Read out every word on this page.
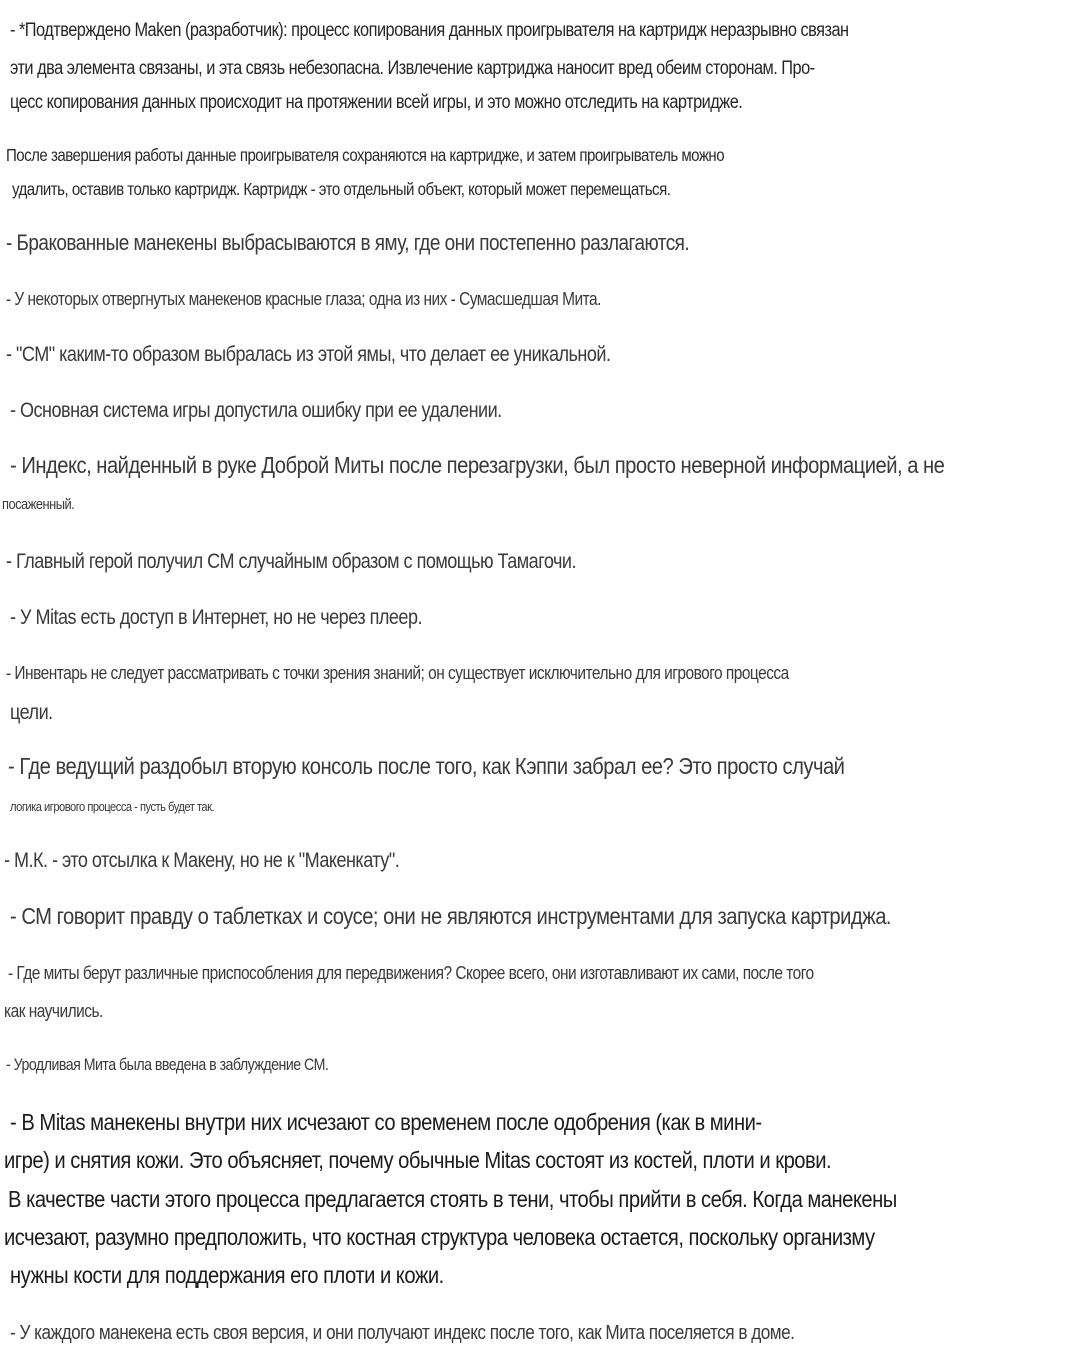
- *Подтверждено Maken (разработчик): процесс копирования данных проигрывателя на картридж неразрывно связан
эти два элемента связаны, и эта связь небезопасна. Извлечение картриджа наносит вред обеим сторонам. Про-
цесс копирования данных происходит на протяжении всей игры, и это можно отследить на картридже.
После завершения работы данные проигрывателя сохраняются на картридже, и затем проигрыватель можно
удалить, оставив только картридж. Картридж - это отдельный объект, который может перемещаться.
- Бракованные манекены выбрасываются в яму, где они постепенно разлагаются.
- У некоторых отвергнутых манекенов красные глаза; одна из них - Сумасшедшая Мита.
- "СМ" каким-то образом выбралась из этой ямы, что делает ее уникальной.
- Основная система игры допустила ошибку при ее удалении.
- Индекс, найденный в руке Доброй Миты после перезагрузки, был просто неверной информацией, а не
посаженный.
- Главный герой получил СМ случайным образом с помощью Тамагочи.
- У Mitas есть доступ в Интернет, но не через плеер.
- Инвентарь не следует рассматривать с точки зрения знаний; он существует исключительно для игрового процесса
цели.
- Где ведущий раздобыл вторую консоль после того, как Кэппи забрал ее? Это просто случай
логика игрового процесса - пусть будет так.
- М.К. - это отсылка к Макену, но не к "Макенкату".
- СМ говорит правду о таблетках и соусе; они не являются инструментами для запуска картриджа.
- Где миты берут различные приспособления для передвижения? Скорее всего, они изготавливают их сами, после того
как научились.
- Уродливая Мита была введена в заблуждение СМ.
- В Mitas манекены внутри них исчезают со временем после одобрения (как в мини-
игре) и снятия кожи. Это объясняет, почему обычные Mitas состоят из костей, плоти и крови.
В качестве части этого процесса предлагается стоять в тени, чтобы прийти в себя. Когда манекены
исчезают, разумно предположить, что костная структура человека остается, поскольку организму
нужны кости для поддержания его плоти и кожи.
- У каждого манекена есть своя версия, и они получают индекс после того, как Мита поселяется в доме.
